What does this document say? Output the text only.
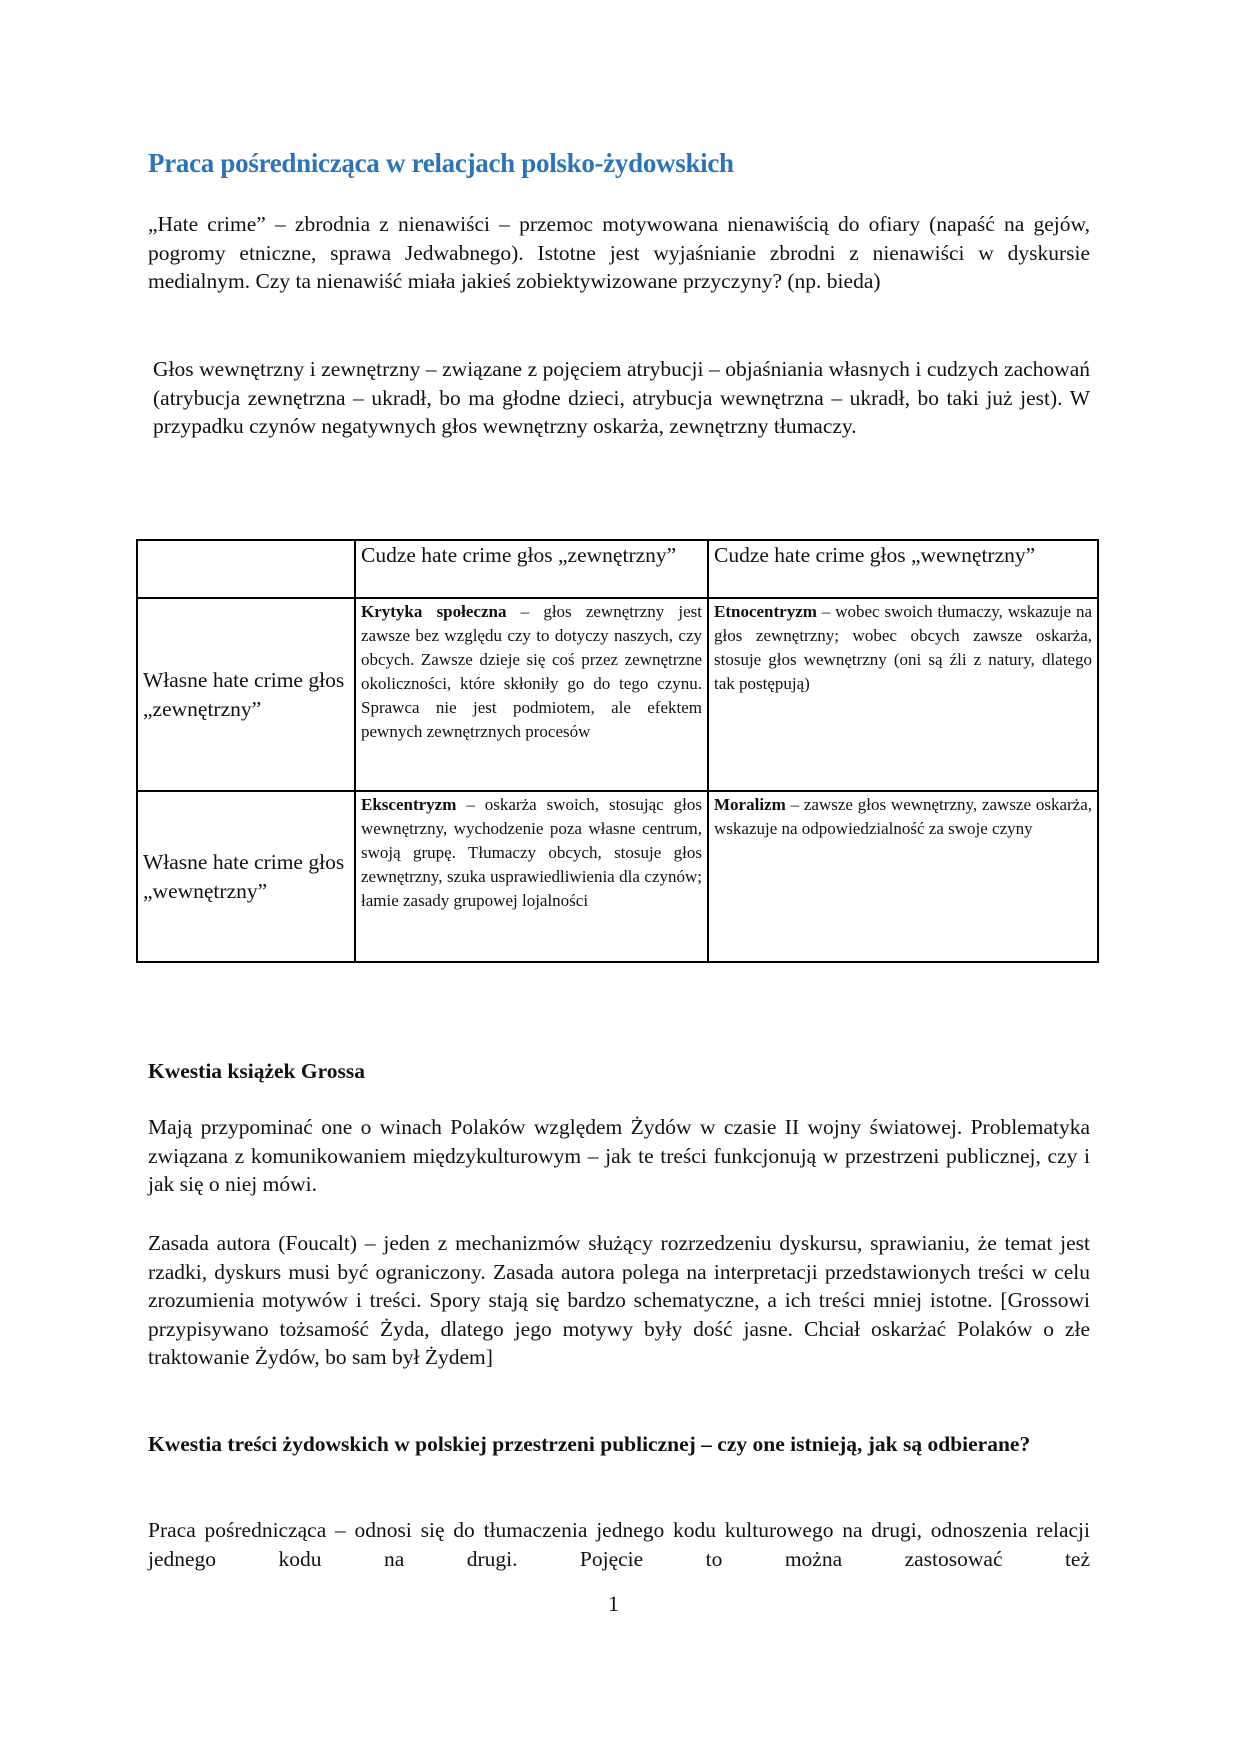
Praca pośrednicząca w relacjach polsko-żydowskich
„Hate crime” – zbrodnia z nienawiści – przemoc motywowana nienawiścią do ofiary (napaść na gejów, pogromy etniczne, sprawa Jedwabnego). Istotne jest wyjaśnianie zbrodni z nienawiści w dyskursie medialnym. Czy ta nienawiść miała jakieś zobiektywizowane przyczyny? (np. bieda)
Głos wewnętrzny i zewnętrzny – związane z pojęciem atrybucji – objaśniania własnych i cudzych zachowań (atrybucja zewnętrzna – ukradł, bo ma głodne dzieci, atrybucja wewnętrzna – ukradł, bo taki już jest). W przypadku czynów negatywnych głos wewnętrzny oskarża, zewnętrzny tłumaczy.
	Cudze hate crime głos „zewnętrzny”	Cudze hate crime głos „wewnętrzny”
Własne hate crime głos „zewnętrzny”	Krytyka społeczna – głos zewnętrzny jest zawsze bez względu czy to dotyczy naszych, czy obcych. Zawsze dzieje się coś przez zewnętrzne okoliczności, które skłoniły go do tego czynu. Sprawca nie jest podmiotem, ale efektem pewnych zewnętrznych procesów	Etnocentryzm – wobec swoich tłumaczy, wskazuje na głos zewnętrzny; wobec obcych zawsze oskarża, stosuje głos wewnętrzny (oni są źli z natury, dlatego tak postępują)
Własne hate crime głos „wewnętrzny”	Ekscentryzm – oskarża swoich, stosując głos wewnętrzny, wychodzenie poza własne centrum, swoją grupę. Tłumaczy obcych, stosuje głos zewnętrzny, szuka usprawiedliwienia dla czynów; łamie zasady grupowej lojalności	Moralizm – zawsze głos wewnętrzny, zawsze oskarża, wskazuje na odpowiedzialność za swoje czyny
Kwestia książek Grossa
Mają przypominać one o winach Polaków względem Żydów w czasie II wojny światowej. Problematyka związana z komunikowaniem międzykulturowym – jak te treści funkcjonują w przestrzeni publicznej, czy i jak się o niej mówi.
Zasada autora (Foucalt) – jeden z mechanizmów służący rozrzedzeniu dyskursu, sprawianiu, że temat jest rzadki, dyskurs musi być ograniczony. Zasada autora polega na interpretacji przedstawionych treści w celu zrozumienia motywów i treści. Spory stają się bardzo schematyczne, a ich treści mniej istotne. [Grossowi przypisywano tożsamość Żyda, dlatego jego motywy były dość jasne. Chciał oskarżać Polaków o złe traktowanie Żydów, bo sam był Żydem]
Kwestia treści żydowskich w polskiej przestrzeni publicznej – czy one istnieją, jak są odbierane?
Praca pośrednicząca – odnosi się do tłumaczenia jednego kodu kulturowego na drugi, odnoszenia relacji jednego kodu na drugi. Pojęcie to można zastosować też
1
